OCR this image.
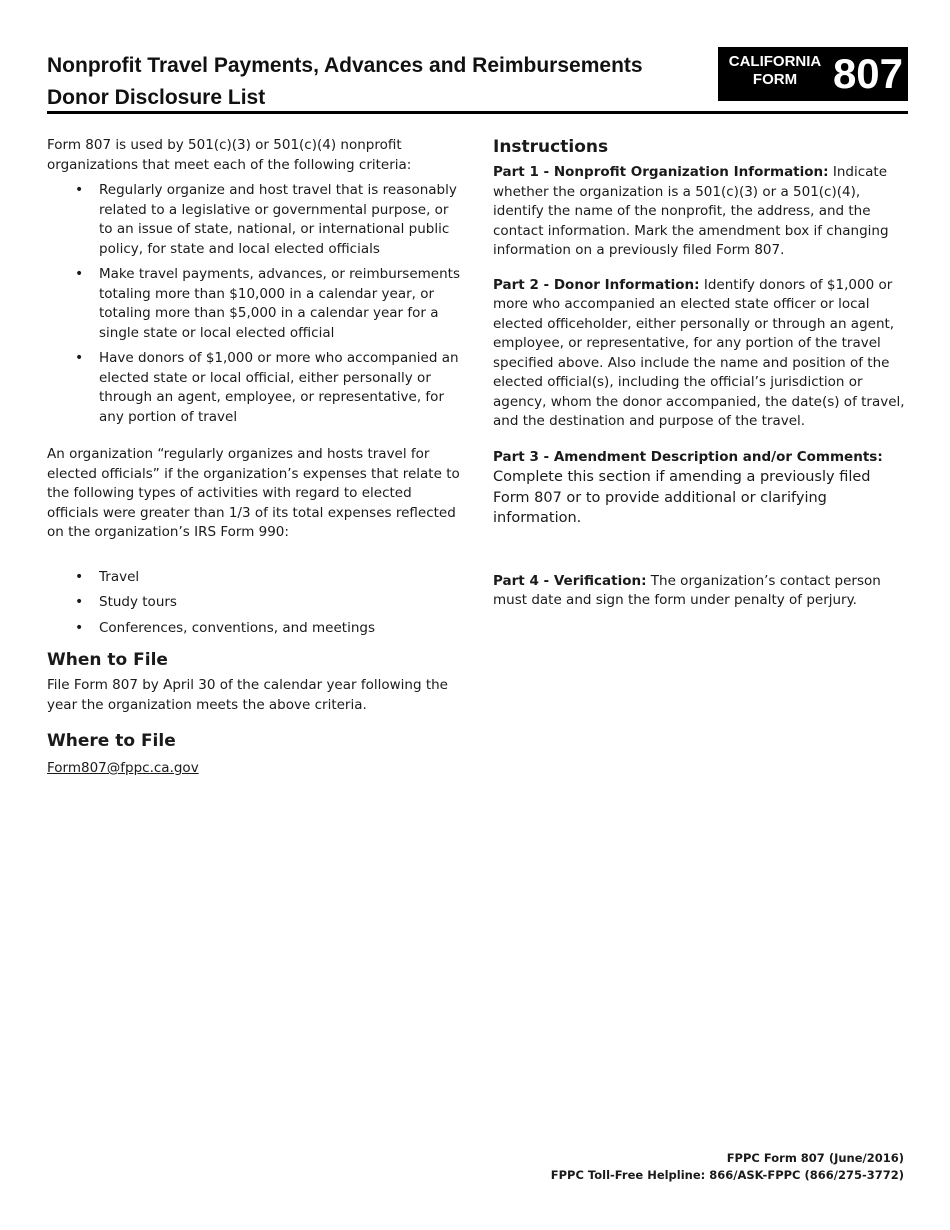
Nonprofit Travel Payments, Advances and Reimbursements
Donor Disclosure List
CALIFORNIA
FORM 807

Form 807 is used by 501(c)(3) or 501(c)(4) nonprofit organizations that meet each of the following criteria:

• Regularly organize and host travel that is reasonably related to a legislative or governmental purpose, or to an issue of state, national, or international public policy, for state and local elected officials
• Make travel payments, advances, or reimbursements totaling more than $10,000 in a calendar year, or totaling more than $5,000 in a calendar year for a single state or local elected official
• Have donors of $1,000 or more who accompanied an elected state or local official, either personally or through an agent, employee, or representative, for any portion of travel

An organization “regularly organizes and hosts travel for elected officials” if the organization’s expenses that relate to the following types of activities with regard to elected officials were greater than 1/3 of its total expenses reflected on the organization’s IRS Form 990:

• Travel
• Study tours
• Conferences, conventions, and meetings
When to File

File Form 807 by April 30 of the calendar year following the year the organization meets the above criteria.

Where to File
Form807@fppc.ca.gov
Instructions

Part 1 - Nonprofit Organization Information: Indicate whether the organization is a 501(c)(3) or a 501(c)(4), identify the name of the nonprofit, the address, and the contact information. Mark the amendment box if changing information on a previously filed Form 807.

Part 2 - Donor Information: Identify donors of $1,000 or more who accompanied an elected state officer or local elected officeholder, either personally or through an agent, employee, or representative, for any portion of the travel specified above. Also include the name and position of the elected official(s), including the official’s jurisdiction or agency, whom the donor accompanied, the date(s) of travel, and the destination and purpose of the travel.

Part 3 - Amendment Description and/or Comments:
Complete this section if amending a previously filed Form 807 or to provide additional or clarifying information.

Part 4 - Verification: The organization’s contact person must date and sign the form under penalty of perjury.

FPPC Form 807 (June/2016)
FPPC Toll-Free Helpline: 866/ASK-FPPC (866/275-3772)
